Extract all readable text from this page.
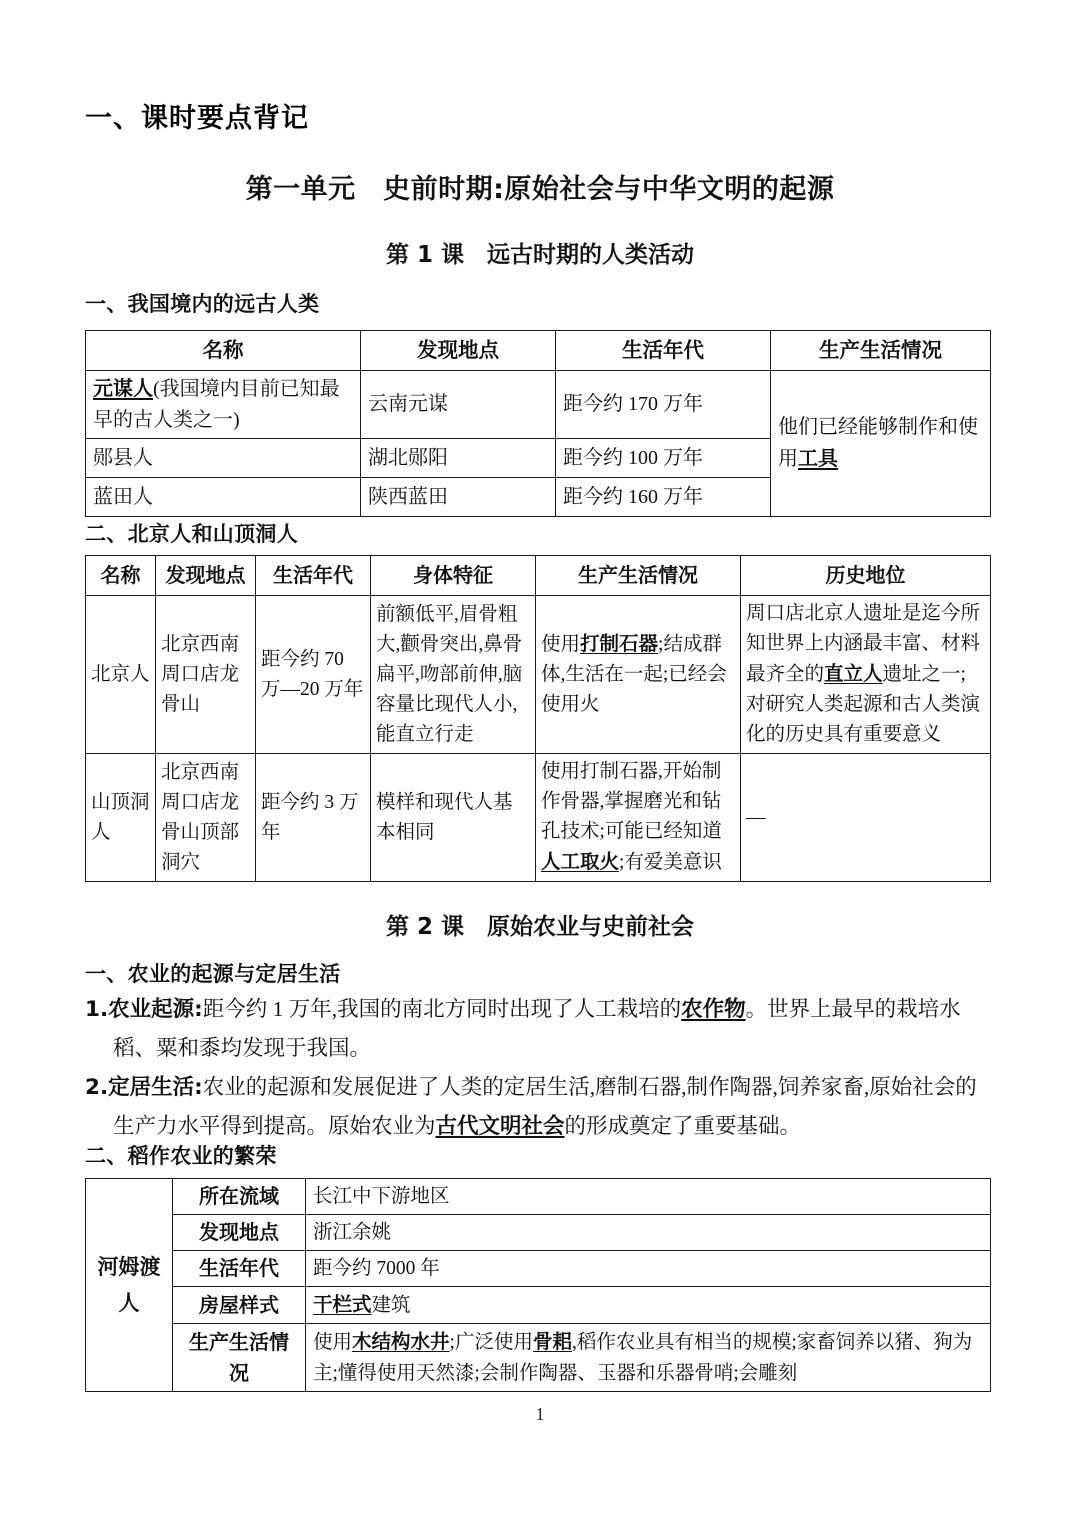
一、课时要点背记
第一单元　史前时期:原始社会与中华文明的起源
第 1 课　远古时期的人类活动
一、我国境内的远古人类
名称	发现地点	生活年代	生产生活情况
元谋人(我国境内目前已知最早的古人类之一)	云南元谋	距今约 170 万年	他们已经能够制作和使用工具
郧县人	湖北郧阳	距今约 100 万年	
蓝田人	陕西蓝田	距今约 160 万年	
二、北京人和山顶洞人
名称	发现地点	生活年代	身体特征	生产生活情况	历史地位
北京人	北京西南周口店龙骨山	距今约 70 万—20 万年	前额低平,眉骨粗大,颧骨突出,鼻骨扁平,吻部前伸,脑容量比现代人小,能直立行走	使用打制石器;结成群体,生活在一起;已经会使用火	周口店北京人遗址是迄今所知世界上内涵最丰富、材料最齐全的直立人遗址之一;对研究人类起源和古人类演化的历史具有重要意义
山顶洞人	北京西南周口店龙骨山顶部洞穴	距今约 3 万年	模样和现代人基本相同	使用打制石器,开始制作骨器,掌握磨光和钻孔技术;可能已经知道人工取火;有爱美意识	—
第 2 课　原始农业与史前社会
一、农业的起源与定居生活
1.农业起源:距今约 1 万年,我国的南北方同时出现了人工栽培的农作物。世界上最早的栽培水稻、粟和黍均发现于我国。
2.定居生活:农业的起源和发展促进了人类的定居生活,磨制石器,制作陶器,饲养家畜,原始社会的生产力水平得到提高。原始农业为古代文明社会的形成奠定了重要基础。
二、稻作农业的繁荣
河姆渡人	所在流域	长江中下游地区
	发现地点	浙江余姚
	生活年代	距今约 7000 年
	房屋样式	干栏式建筑
	生产生活情况	使用木结构水井;广泛使用骨耜,稻作农业具有相当的规模;家畜饲养以猪、狗为主;懂得使用天然漆;会制作陶器、玉器和乐器骨哨;会雕刻
1
